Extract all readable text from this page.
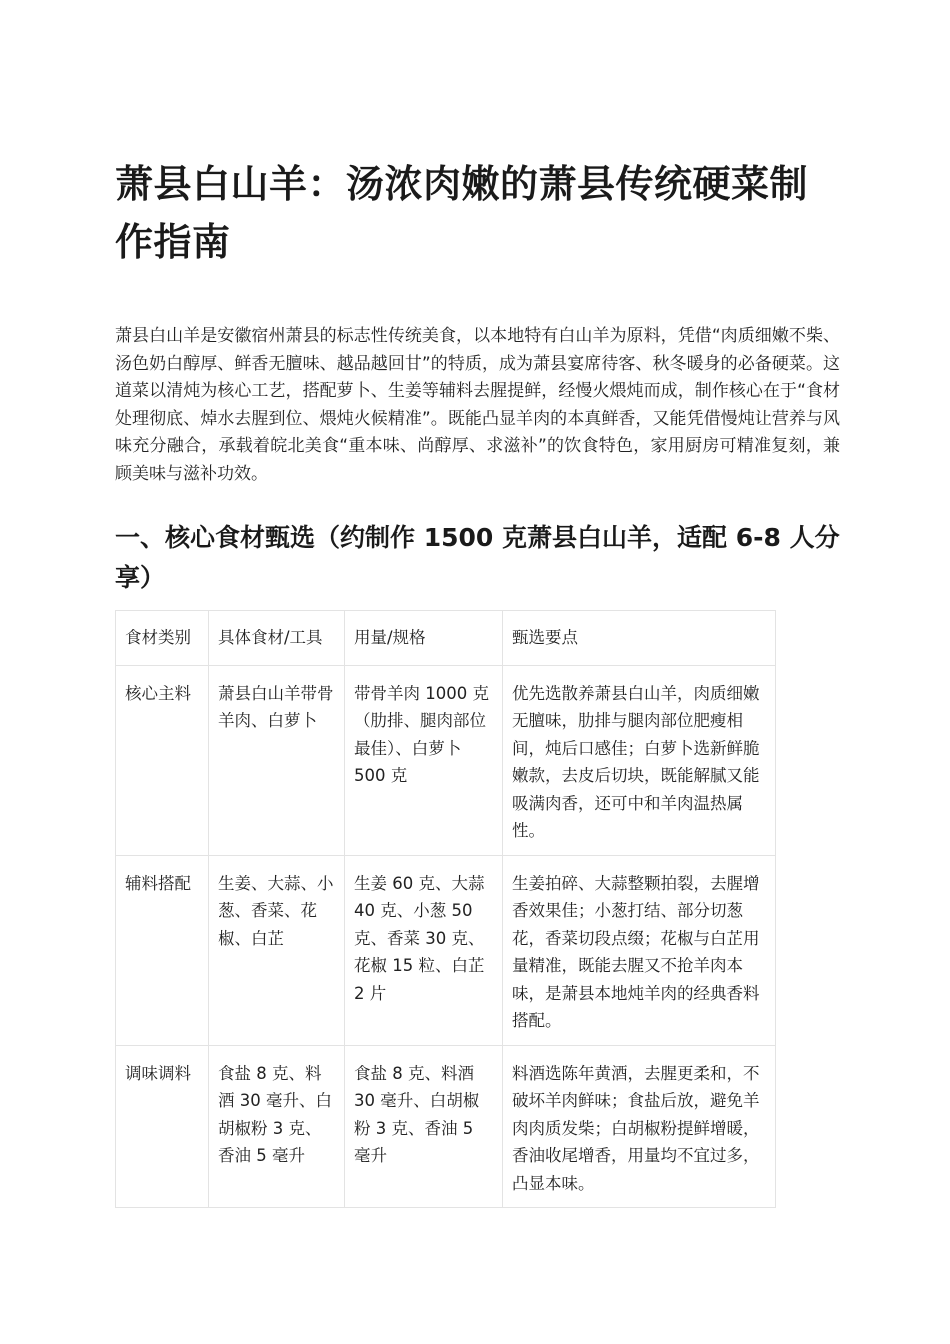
萧县白山羊：汤浓肉嫩的萧县传统硬菜制作指南

萧县白山羊是安徽宿州萧县的标志性传统美食，以本地特有白山羊为原料，凭借“肉质细嫩不柴、汤色奶白醇厚、鲜香无膻味、越品越回甘”的特质，成为萧县宴席待客、秋冬暖身的必备硬菜。这道菜以清炖为核心工艺，搭配萝卜、生姜等辅料去腥提鲜，经慢火煨炖而成，制作核心在于“食材处理彻底、焯水去腥到位、煨炖火候精准”。既能凸显羊肉的本真鲜香，又能凭借慢炖让营养与风味充分融合，承载着皖北美食“重本味、尚醇厚、求滋补”的饮食特色，家用厨房可精准复刻，兼顾美味与滋补功效。

一、核心食材甄选（约制作 1500 克萧县白山羊，适配 6-8 人分享）
食材类别	具体食材/工具	用量/规格	甄选要点
核心主料	萧县白山羊带骨羊肉、白萝卜	带骨羊肉 1000 克（肋排、腿肉部位最佳）、白萝卜 500 克	优先选散养萧县白山羊，肉质细嫩无膻味，肋排与腿肉部位肥瘦相间，炖后口感佳；白萝卜选新鲜脆嫩款，去皮后切块，既能解腻又能吸满肉香，还可中和羊肉温热属性。
辅料搭配	生姜、大蒜、小葱、香菜、花椒、白芷	生姜 60 克、大蒜 40 克、小葱 50 克、香菜 30 克、花椒 15 粒、白芷 2 片	生姜拍碎、大蒜整颗拍裂，去腥增香效果佳；小葱打结、部分切葱花，香菜切段点缀；花椒与白芷用量精准，既能去腥又不抢羊肉本味，是萧县本地炖羊肉的经典香料搭配。
调味调料	食盐 8 克、料酒 30 毫升、白胡椒粉 3 克、香油 5 毫升	食盐 8 克、料酒 30 毫升、白胡椒粉 3 克、香油 5 毫升	料酒选陈年黄酒，去腥更柔和，不破坏羊肉鲜味；食盐后放，避免羊肉肉质发柴；白胡椒粉提鲜增暖，香油收尾增香，用量均不宜过多，凸显本味。
